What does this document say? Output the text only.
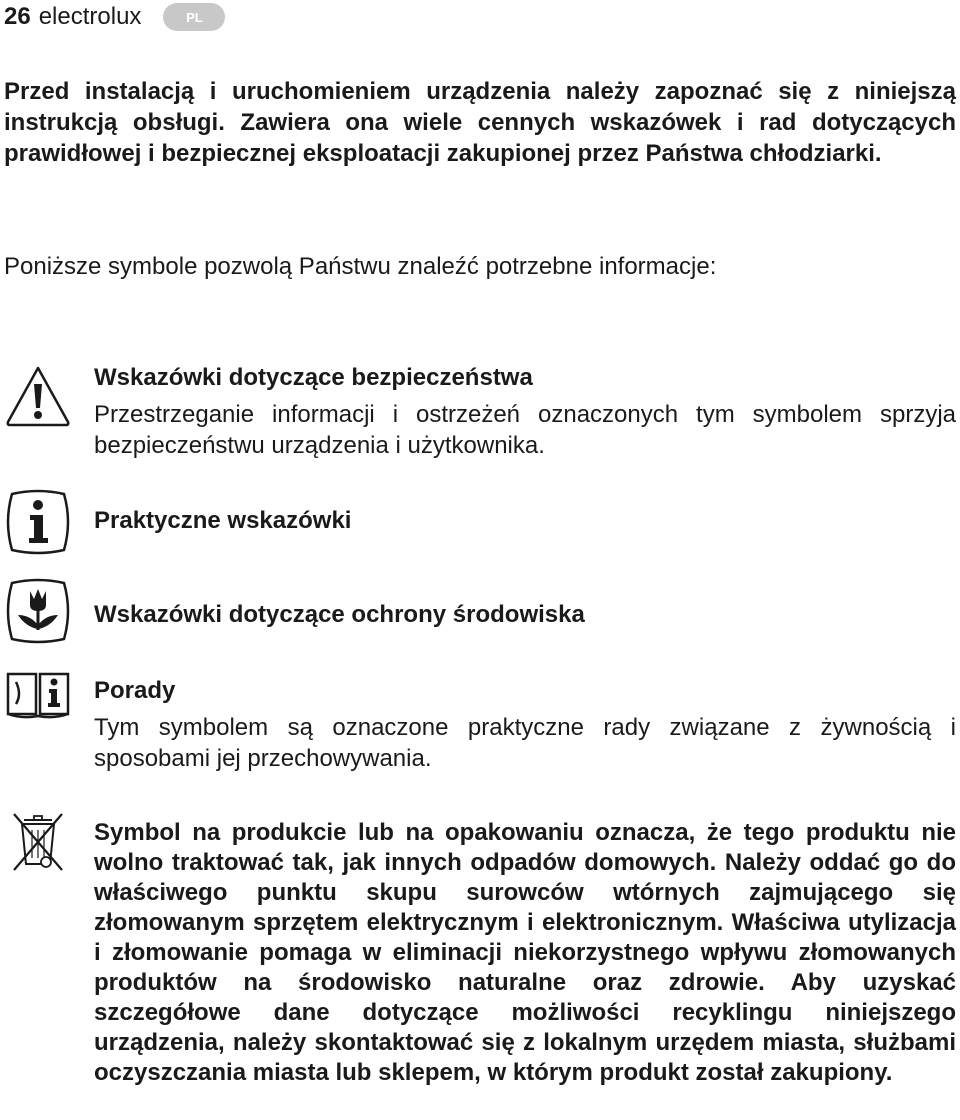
26 electrolux	PL

Przed instalacją i uruchomieniem urządzenia należy zapoznać się z niniejszą instrukcją obsługi. Zawiera ona wiele cennych wskazówek i rad dotyczących prawidłowej i bezpiecznej eksploatacji zakupionej przez Państwa chłodziarki.

Poniższe symbole pozwolą Państwu znaleźć potrzebne informacje:

Wskazówki dotyczące bezpieczeństwa

Przestrzeganie informacji i ostrzeżeń oznaczonych tym symbolem sprzyja bezpieczeństwu urządzenia i użytkownika.

Praktyczne wskazówki

Wskazówki dotyczące ochrony środowiska

Porady

Tym symbolem są oznaczone praktyczne rady związane z żywnością i sposobami jej przechowywania.

Symbol na produkcie lub na opakowaniu oznacza, że tego produktu nie wolno traktować tak, jak innych odpadów domowych. Należy oddać go do właściwego punktu skupu surowców wtórnych zajmującego się złomowanym sprzętem elektrycznym i elektronicznym. Właściwa utylizacja i złomowanie pomaga w eliminacji niekorzystnego wpływu złomowanych produktów na środowisko naturalne oraz zdrowie. Aby uzyskać szczegółowe dane dotyczące możliwości recyklingu niniejszego urządzenia, należy skontaktować się z lokalnym urzędem miasta, służbami oczyszczania miasta lub sklepem, w którym produkt został zakupiony.
